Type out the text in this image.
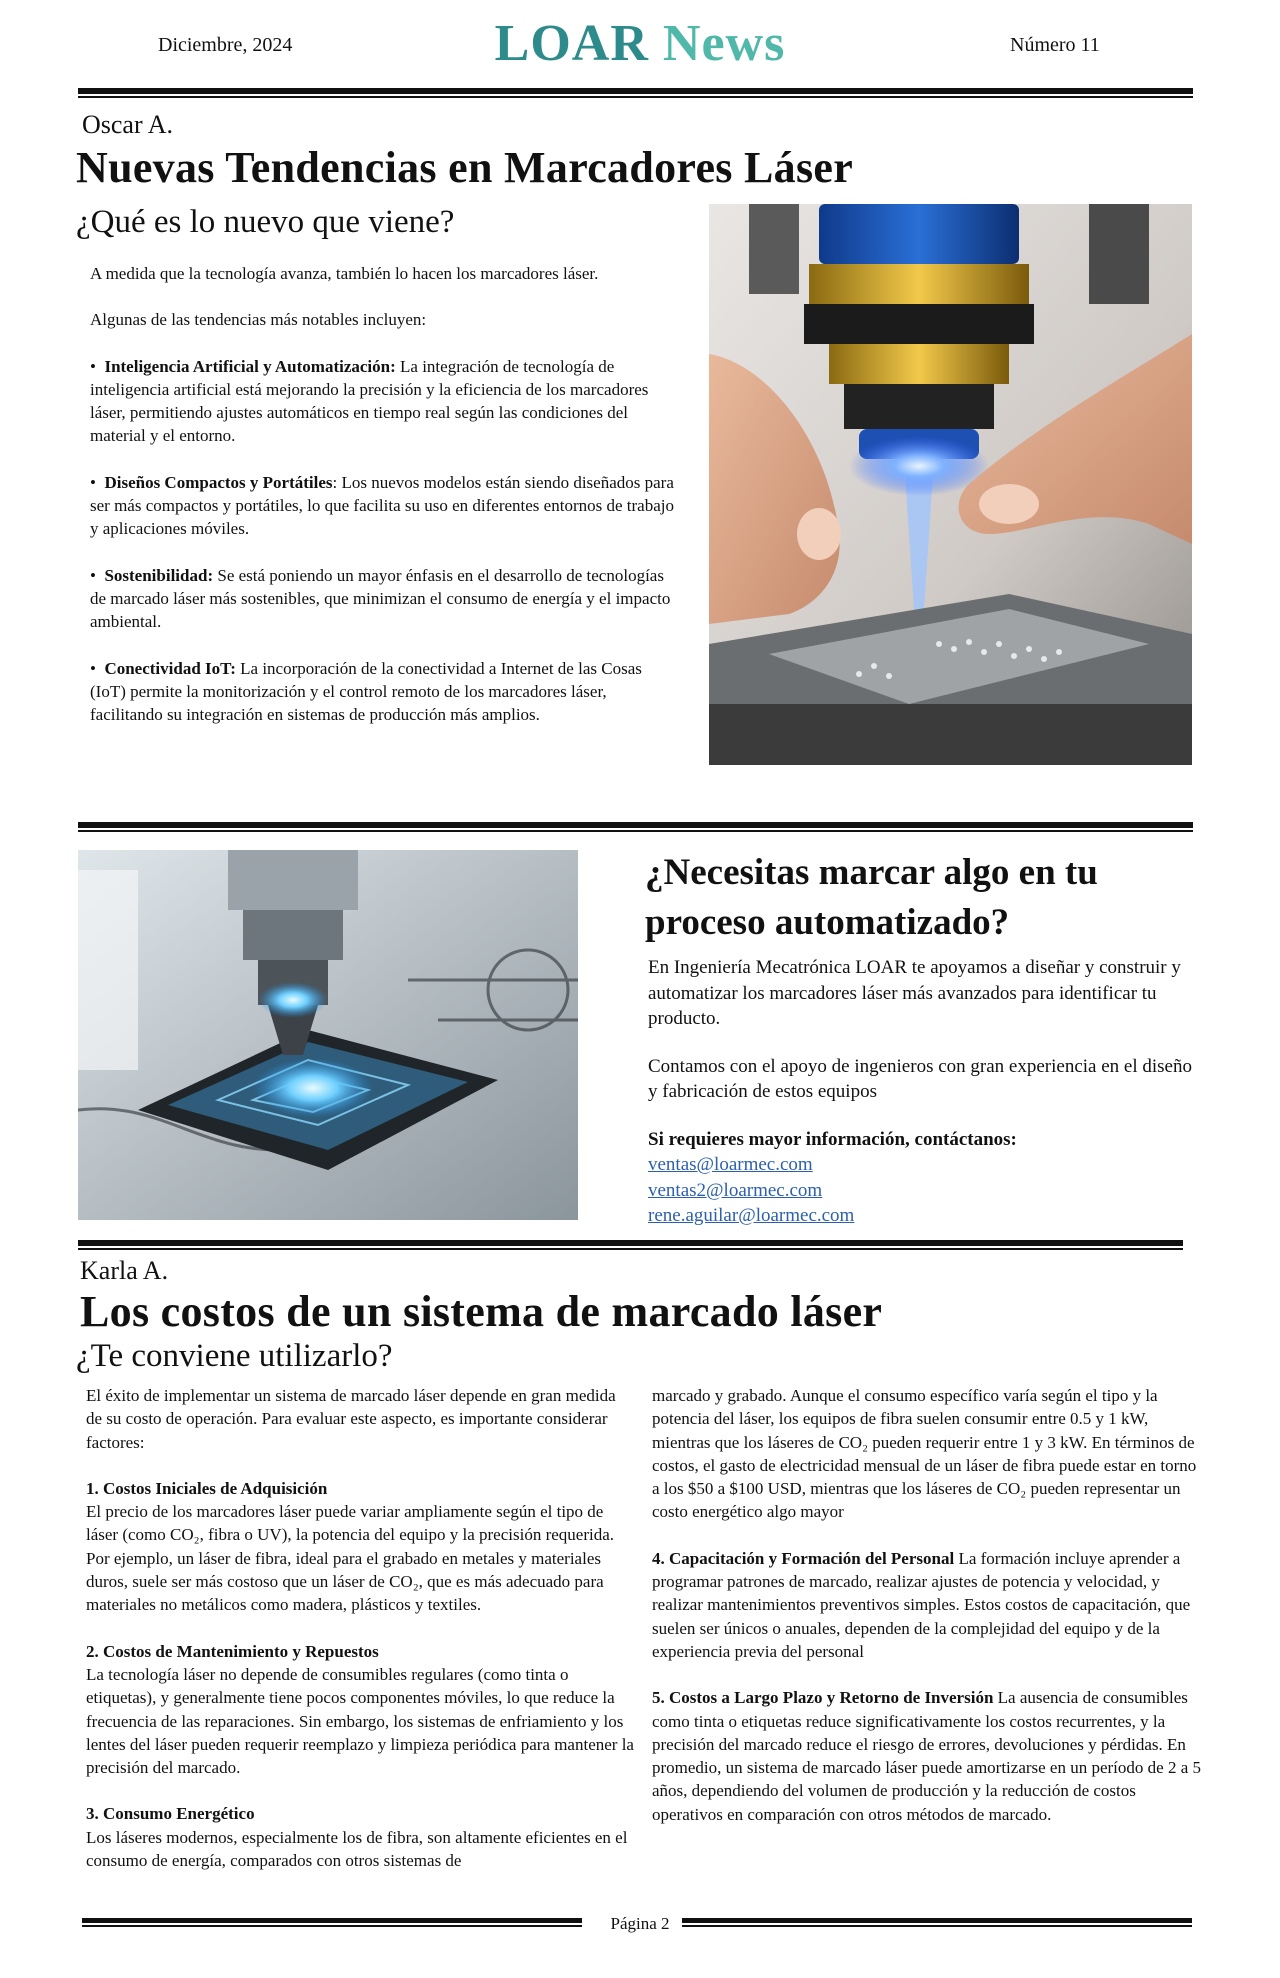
Diciembre, 2024	LOAR News	Número 11
Oscar A.
Nuevas Tendencias en Marcadores Láser
¿Qué es lo nuevo que viene?

A medida que la tecnología avanza, también lo hacen los marcadores láser.

Algunas de las tendencias más notables incluyen:

• Inteligencia Artificial y Automatización: La integración de tecnología de inteligencia artificial está mejorando la precisión y la eficiencia de los marcadores láser, permitiendo ajustes automáticos en tiempo real según las condiciones del material y el entorno.

• Diseños Compactos y Portátiles: Los nuevos modelos están siendo diseñados para ser más compactos y portátiles, lo que facilita su uso en diferentes entornos de trabajo y aplicaciones móviles.

• Sostenibilidad: Se está poniendo un mayor énfasis en el desarrollo de tecnologías de marcado láser más sostenibles, que minimizan el consumo de energía y el impacto ambiental.

• Conectividad IoT: La incorporación de la conectividad a Internet de las Cosas (IoT) permite la monitorización y el control remoto de los marcadores láser, facilitando su integración en sistemas de producción más amplios.

¿Necesitas marcar algo en tu proceso automatizado?

En Ingeniería Mecatrónica LOAR te apoyamos a diseñar y construir y automatizar los marcadores láser más avanzados para identificar tu producto.

Contamos con el apoyo de ingenieros con gran experiencia en el diseño y fabricación de estos equipos

Si requieres mayor información, contáctanos:
ventas@loarmec.com
ventas2@loarmec.com
rene.aguilar@loarmec.com
Karla A.
Los costos de un sistema de marcado láser
¿Te conviene utilizarlo?

El éxito de implementar un sistema de marcado láser depende en gran medida de su costo de operación. Para evaluar este aspecto, es importante considerar factores:

1. Costos Iniciales de Adquisición
El precio de los marcadores láser puede variar ampliamente según el tipo de láser (como CO₂, fibra o UV), la potencia del equipo y la precisión requerida. Por ejemplo, un láser de fibra, ideal para el grabado en metales y materiales duros, suele ser más costoso que un láser de CO₂, que es más adecuado para materiales no metálicos como madera, plásticos y textiles.

2. Costos de Mantenimiento y Repuestos
La tecnología láser no depende de consumibles regulares (como tinta o etiquetas), y generalmente tiene pocos componentes móviles, lo que reduce la frecuencia de las reparaciones. Sin embargo, los sistemas de enfriamiento y los lentes del láser pueden requerir reemplazo y limpieza periódica para mantener la precisión del marcado.

3. Consumo Energético
Los láseres modernos, especialmente los de fibra, son altamente eficientes en el consumo de energía, comparados con otros sistemas de

marcado y grabado. Aunque el consumo específico varía según el tipo y la potencia del láser, los equipos de fibra suelen consumir entre 0.5 y 1 kW, mientras que los láseres de CO₂ pueden requerir entre 1 y 3 kW. En términos de costos, el gasto de electricidad mensual de un láser de fibra puede estar en torno a los $50 a $100 USD, mientras que los láseres de CO₂ pueden representar un costo energético algo mayor

4. Capacitación y Formación del Personal La formación incluye aprender a programar patrones de marcado, realizar ajustes de potencia y velocidad, y realizar mantenimientos preventivos simples. Estos costos de capacitación, que suelen ser únicos o anuales, dependen de la complejidad del equipo y de la experiencia previa del personal

5. Costos a Largo Plazo y Retorno de Inversión La ausencia de consumibles como tinta o etiquetas reduce significativamente los costos recurrentes, y la precisión del marcado reduce el riesgo de errores, devoluciones y pérdidas. En promedio, un sistema de marcado láser puede amortizarse en un período de 2 a 5 años, dependiendo del volumen de producción y la reducción de costos operativos en comparación con otros métodos de marcado.

Página 2
